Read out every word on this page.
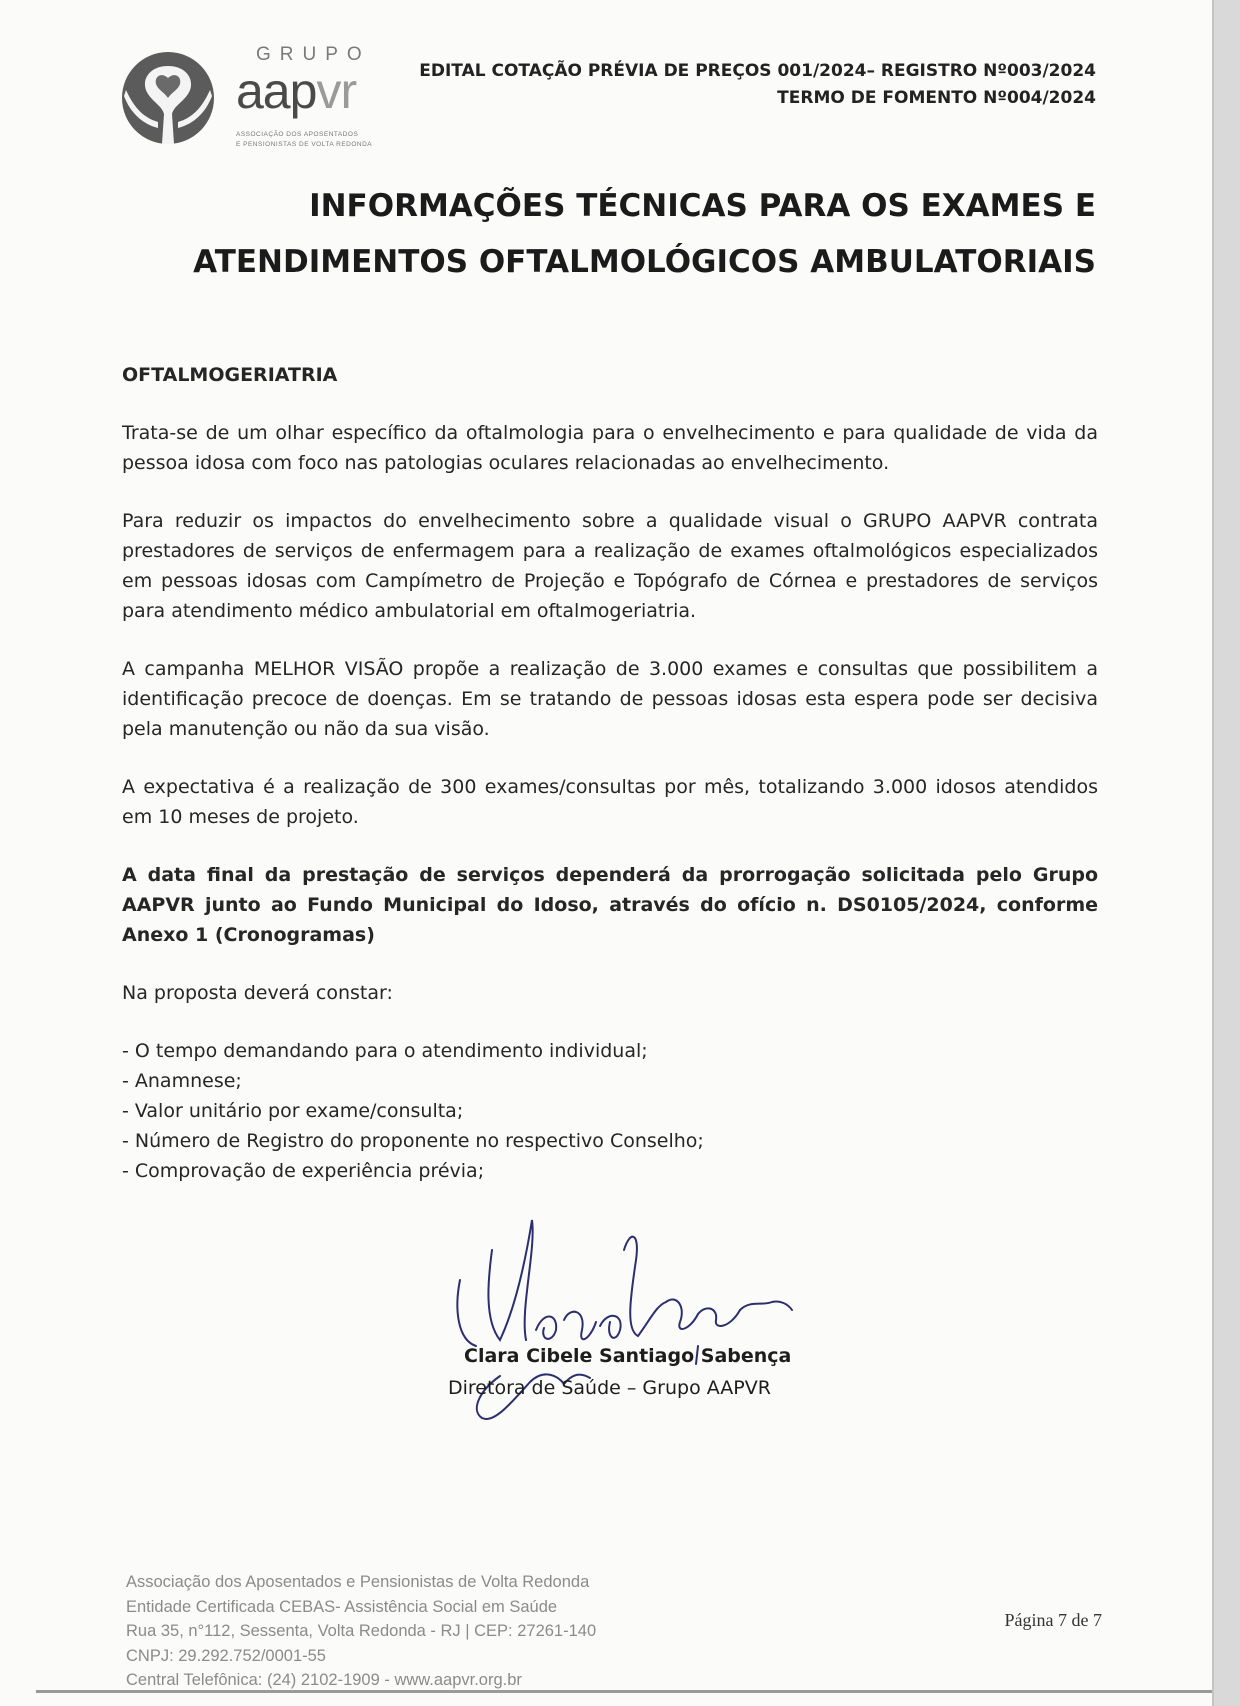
GRUPO
aapvr
ASSOCIAÇÃO DOS APOSENTADOS
E PENSIONISTAS DE VOLTA REDONDA
EDITAL COTAÇÃO PRÉVIA DE PREÇOS 001/2024– REGISTRO Nº003/2024
TERMO DE FOMENTO Nº004/2024
INFORMAÇÕES TÉCNICAS PARA OS EXAMES E
ATENDIMENTOS OFTALMOLÓGICOS AMBULATORIAIS
OFTALMOGERIATRIA

Trata-se de um olhar específico da oftalmologia para o envelhecimento e para qualidade de vida da pessoa idosa com foco nas patologias oculares relacionadas ao envelhecimento.

Para reduzir os impactos do envelhecimento sobre a qualidade visual o GRUPO AAPVR contrata prestadores de serviços de enfermagem para a realização de exames oftalmológicos especializados em pessoas idosas com Campímetro de Projeção e Topógrafo de Córnea e prestadores de serviços para atendimento médico ambulatorial em oftalmogeriatria.

A campanha MELHOR VISÃO propõe a realização de 3.000 exames e consultas que possibilitem a identificação precoce de doenças. Em se tratando de pessoas idosas esta espera pode ser decisiva pela manutenção ou não da sua visão.

A expectativa é a realização de 300 exames/consultas por mês, totalizando 3.000 idosos atendidos em 10 meses de projeto.

A data final da prestação de serviços dependerá da prorrogação solicitada pelo Grupo AAPVR junto ao Fundo Municipal do Idoso, através do ofício n. DS0105/2024, conforme Anexo 1 (Cronogramas)

Na proposta deverá constar:

- O tempo demandando para o atendimento individual;
- Anamnese;
- Valor unitário por exame/consulta;
- Número de Registro do proponente no respectivo Conselho;
- Comprovação de experiência prévia;
Clara Cibele Santiago Sabença
Diretora de Saúde – Grupo AAPVR
Associação dos Aposentados e Pensionistas de Volta Redonda
Entidade Certificada CEBAS- Assistência Social em Saúde
Rua 35, n°112, Sessenta, Volta Redonda - RJ | CEP: 27261-140
CNPJ: 29.292.752/0001-55
Central Telefônica: (24) 2102-1909 - www.aapvr.org.br
Página 7 de 7
